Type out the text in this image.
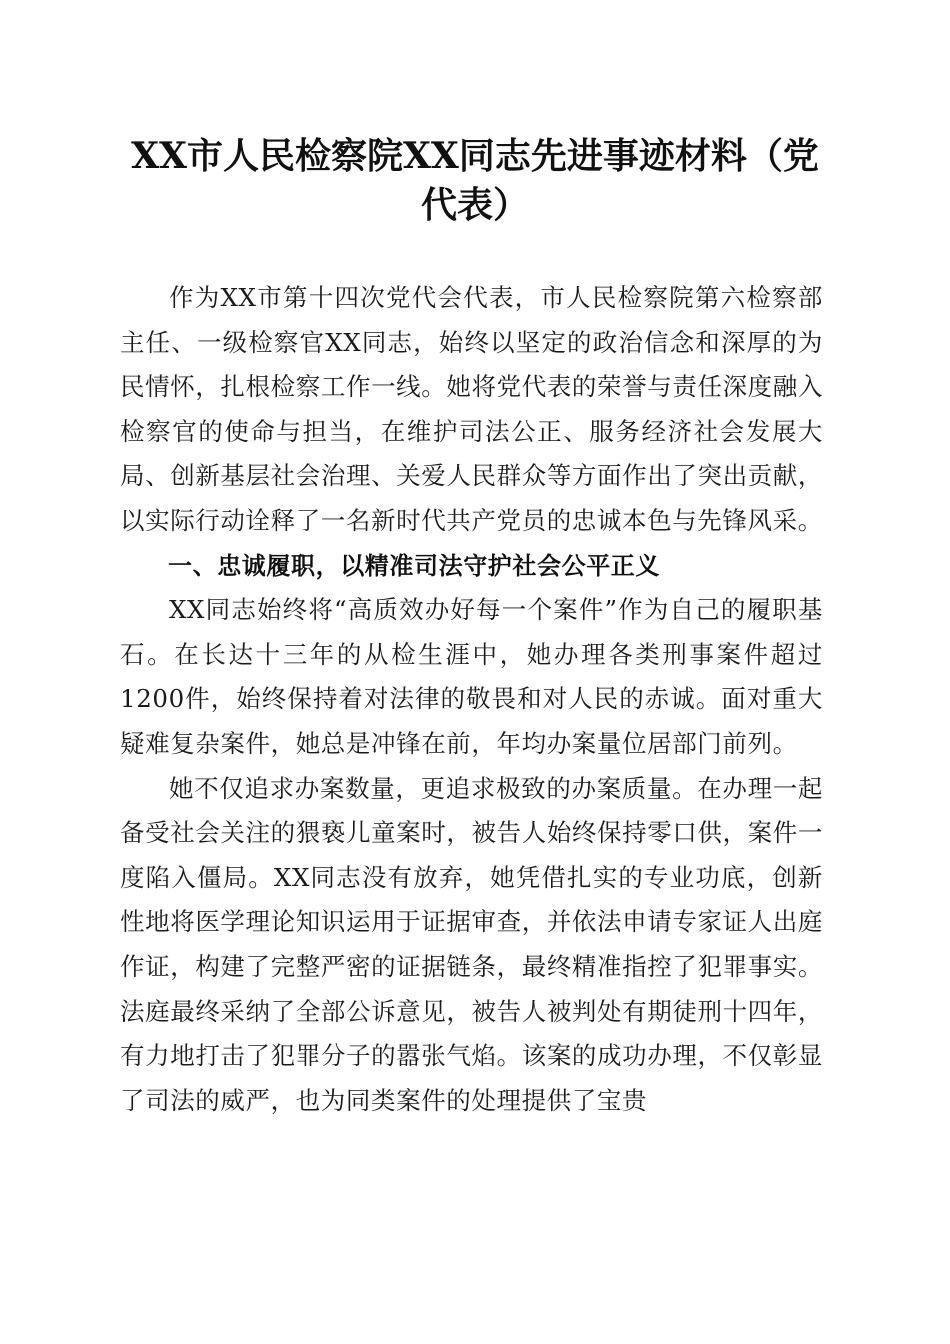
XX市人民检察院XX同志先进事迹材料（党代表）

作为XX市第十四次党代会代表，市人民检察院第六检察部主任、一级检察官XX同志，始终以坚定的政治信念和深厚的为民情怀，扎根检察工作一线。她将党代表的荣誉与责任深度融入检察官的使命与担当，在维护司法公正、服务经济社会发展大局、创新基层社会治理、关爱人民群众等方面作出了突出贡献，以实际行动诠释了一名新时代共产党员的忠诚本色与先锋风采。

一、忠诚履职，以精准司法守护社会公平正义

XX同志始终将“高质效办好每一个案件”作为自己的履职基石。在长达十三年的从检生涯中，她办理各类刑事案件超过1200件，始终保持着对法律的敬畏和对人民的赤诚。面对重大疑难复杂案件，她总是冲锋在前，年均办案量位居部门前列。

她不仅追求办案数量，更追求极致的办案质量。在办理一起备受社会关注的猥亵儿童案时，被告人始终保持零口供，案件一度陷入僵局。XX同志没有放弃，她凭借扎实的专业功底，创新性地将医学理论知识运用于证据审查，并依法申请专家证人出庭作证，构建了完整严密的证据链条，最终精准指控了犯罪事实。法庭最终采纳了全部公诉意见，被告人被判处有期徒刑十四年，有力地打击了犯罪分子的嚣张气焰。该案的成功办理，不仅彰显了司法的威严，也为同类案件的处理提供了宝贵
